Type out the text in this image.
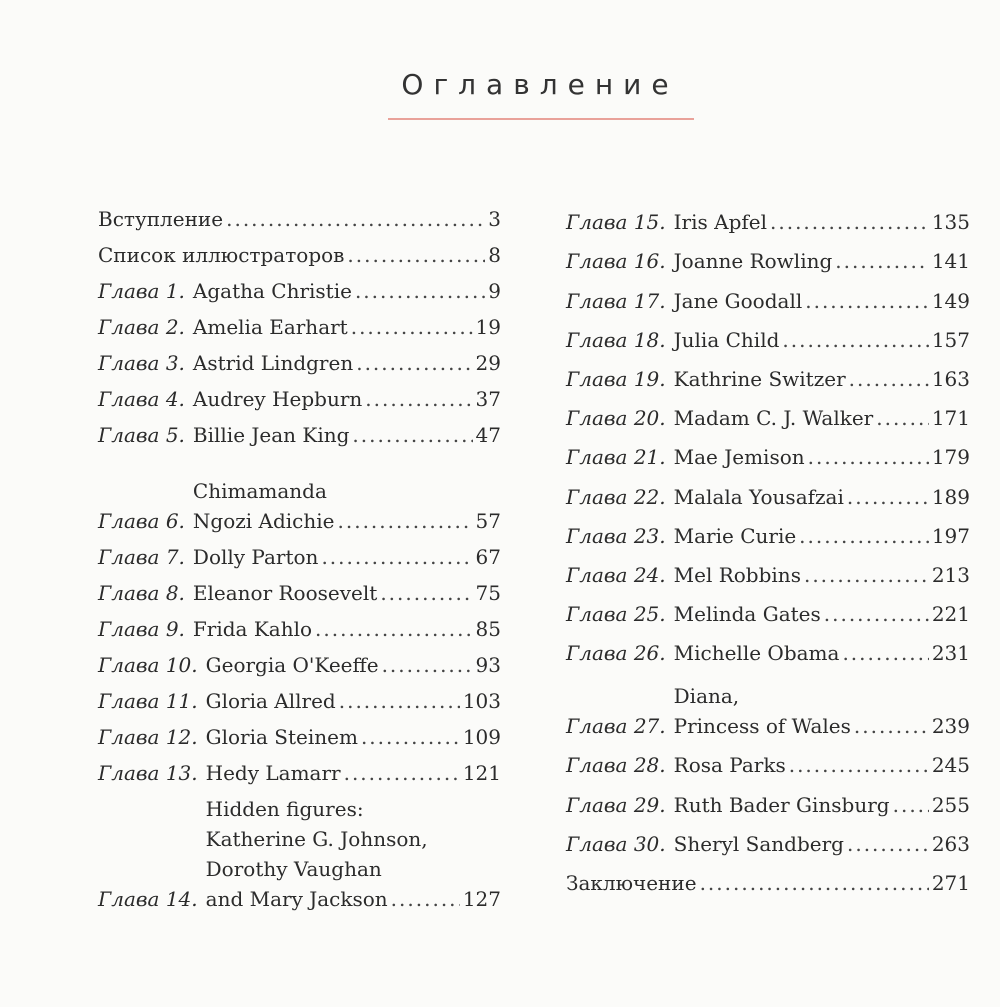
Оглавление
Вступление .....	3
Список иллюстраторов .....	8
Глава 1. Agatha Christie .....	9
Глава 2. Amelia Earhart .....	19
Глава 3. Astrid Lindgren .....	29
Глава 4. Audrey Hepburn .....	37
Глава 5. Billie Jean King .....	47
Глава 6.
Chimamanda
Ngozi Adichie .....	57
Глава 7. Dolly Parton .....	67
Глава 8. Eleanor Roosevelt .....	75
Глава 9. Frida Kahlo .....	85
Глава 10. Georgia O'Keeffe .....	93
Глава 11. Gloria Allred .....	103
Глава 12. Gloria Steinem .....	109
Глава 13. Hedy Lamarr .....	121
Глава 14.
Hidden figures:
Katherine G. Johnson,
Dorothy Vaughan
and Mary Jackson .....	127
Глава 15. Iris Apfel .....	135
Глава 16. Joanne Rowling .....	141
Глава 17. Jane Goodall .....	149
Глава 18. Julia Child .....	157
Глава 19. Kathrine Switzer .....	163
Глава 20. Madam C. J. Walker .....	171
Глава 21. Mae Jemison .....	179
Глава 22. Malala Yousafzai .....	189
Глава 23. Marie Curie .....	197
Глава 24. Mel Robbins .....	213
Глава 25. Melinda Gates .....	221
Глава 26. Michelle Obama .....	231
Глава 27.
Diana,
Princess of Wales .....	239
Глава 28. Rosa Parks .....	245
Глава 29. Ruth Bader Ginsburg ..... 255
Глава 30. Sheryl Sandberg .....	263
Заключение .....	271
